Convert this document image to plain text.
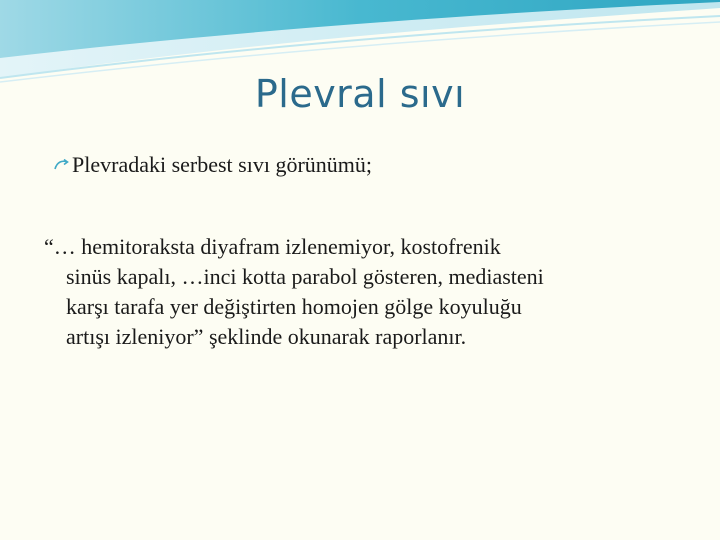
Plevral sıvı
Plevradaki serbest sıvı görünümü;

“… hemitoraksta diyafram izlenemiyor, kostofrenik

sinüs kapalı, …inci kotta parabol gösteren, mediasteni

karşı tarafa yer değiştirten homojen gölge koyuluğu

artışı izleniyor” şeklinde okunarak raporlanır.
